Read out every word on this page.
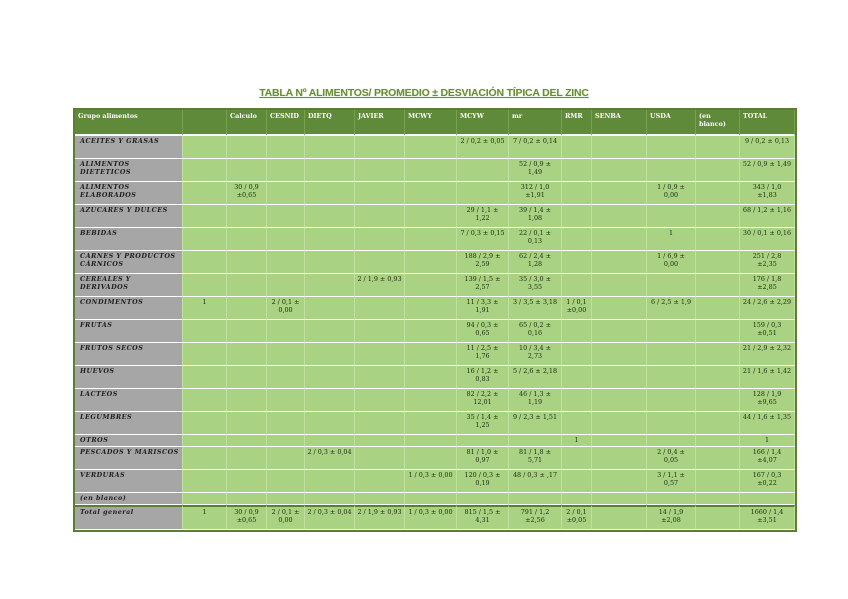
TABLA Nº ALIMENTOS/ PROMEDIO ± DESVIACIÓN TÍPICA DEL ZINC
Grupo alimentos		Calculo	CESNID	DIETQ	JAVIER	MCWY	MCYW	mr	RMR	SENBA	USDA	(en blanco)	TOTAL
ACEITES Y GRASAS							2 / 0,2 ± 0,05	7 / 0,2 ± 0,14					9 / 0,2 ± 0,13
ALIMENTOS DIETETICOS								52 / 0,9 ± 1,49					52 / 0,9 ± 1,49
ALIMENTOS ELABORADOS		30 / 0,9 ±0,65						312 / 1,0 ±1,91			1 / 0,9 ± 0,00		343 / 1,0 ±1,83
AZUCARES Y DULCES							29 / 1,1 ± 1,22	39 / 1,4 ± 1,08					68 / 1,2 ± 1,16
BEBIDAS							7 / 0,3 ± 0,15	22 / 0,1 ± 0,13			1		30 / 0,1 ± 0,16
CARNES Y PRODUCTOS CÁRNICOS							188 / 2,9 ± 2,59	62 / 2,4 ± 1,28			1 / 6,9 ± 0,00		251 / 2,8 ±2,35
CEREALES Y DERIVADOS					2 / 1,9 ± 0,93		139 / 1,5 ± 2,57	35 / 3,0 ± 3,55					176 / 1,8 ±2,85
CONDIMENTOS	1		2 / 0,1 ± 0,00				11 / 3,3 ± 1,91	3 / 3,5 ± 3,18	1 / 0,1 ±0,00		6 / 2,5 ± 1,9		24 / 2,6 ± 2,29
FRUTAS							94 / 0,3 ± 0,65	65 / 0,2 ± 0,16					159 / 0,3 ±0,51
FRUTOS SECOS							11 / 2,5 ± 1,76	10 / 3,4 ± 2,73					21 / 2,9 ± 2,32
HUEVOS							16 / 1,2 ± 0,83	5 / 2,6 ± 2,18					21 / 1,6 ± 1,42
LACTEOS							82 / 2,2 ± 12,01	46 / 1,3 ± 1,19					128 / 1,9 ±9,65
LEGUMBRES							35 / 1,4 ± 1,25	9 / 2,3 ± 1,51					44 / 1,6 ± 1,35
OTROS									1				1
PESCADOS Y MARISCOS				2 / 0,3 ± 0,04			81 / 1,0 ± 0,97	81 / 1,8 ± 5,71			2 / 0,4 ± 0,05		166 / 1,4 ±4,07
VERDURAS						1 / 0,3 ± 0,00	120 / 0,3 ± 0,19	48 / 0,3 ± ,17			3 / 1,1 ± 0,57		167 / 0,3 ±0,22
(en blanco)													
Total general	1	30 / 0,9 ±0,65	2 / 0,1 ± 0,00	2 / 0,3 ± 0,04	2 / 1,9 ± 0,93	1 / 0,3 ± 0,00	815 / 1,5 ± 4,31	791 / 1,2 ±2,56	2 / 0,1 ±0,05		14 / 1,9 ±2,08		1660 / 1,4 ±3,51
